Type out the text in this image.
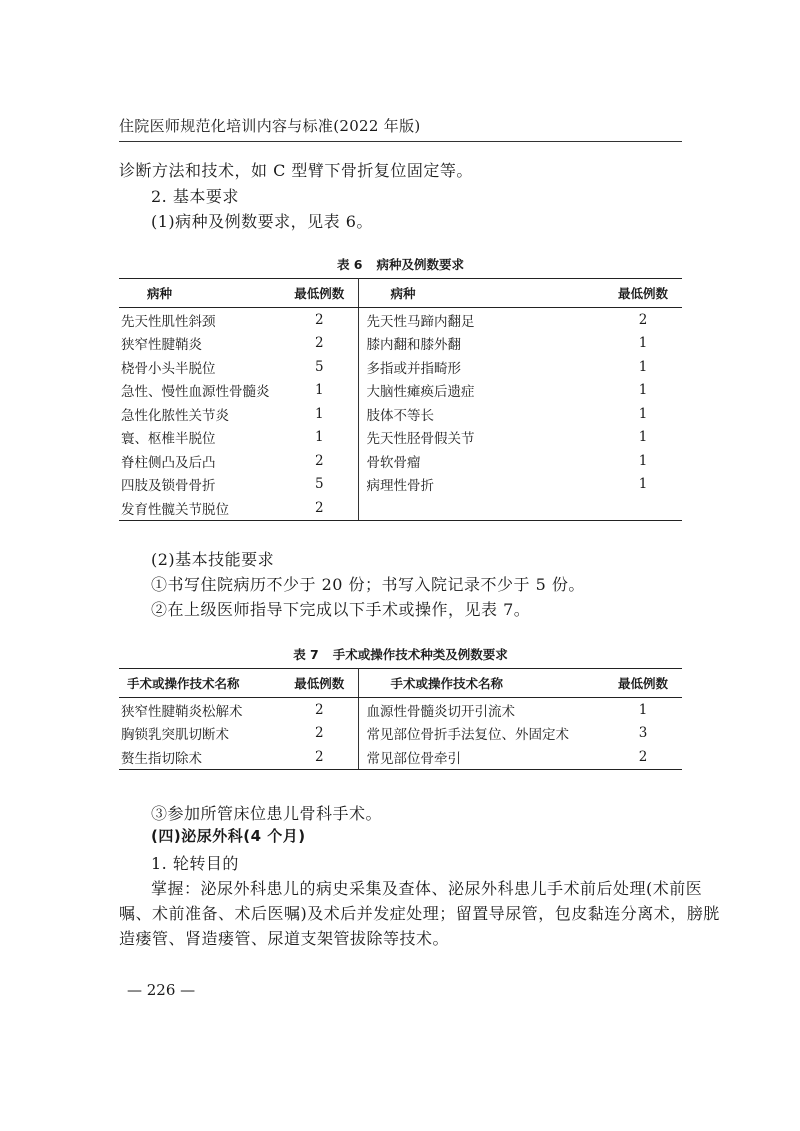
住院医师规范化培训内容与标准(2022 年版)
诊断方法和技术，如 C 型臂下骨折复位固定等。
2. 基本要求
(1)病种及例数要求，见表 6。
表 6 病种及例数要求
病种	最低例数	病种	最低例数
先天性肌性斜颈	2	先天性马蹄内翻足	2
狭窄性腱鞘炎	2	膝内翻和膝外翻	1
桡骨小头半脱位	5	多指或并指畸形	1
急性、慢性血源性骨髓炎	1	大脑性瘫痪后遗症	1
急性化脓性关节炎	1	肢体不等长	1
寰、枢椎半脱位	1	先天性胫骨假关节	1
脊柱侧凸及后凸	2	骨软骨瘤	1
四肢及锁骨骨折	5	病理性骨折	1
发育性髋关节脱位	2		
(2)基本技能要求
①书写住院病历不少于 20 份；书写入院记录不少于 5 份。
②在上级医师指导下完成以下手术或操作，见表 7。
表 7 手术或操作技术种类及例数要求
手术或操作技术名称	最低例数	手术或操作技术名称	最低例数
狭窄性腱鞘炎松解术	2	血源性骨髓炎切开引流术	1
胸锁乳突肌切断术	2	常见部位骨折手法复位、外固定术	3
赘生指切除术	2	常见部位骨牵引	2
③参加所管床位患儿骨科手术。
(四)泌尿外科(4 个月)
1. 轮转目的
掌握：泌尿外科患儿的病史采集及查体、泌尿外科患儿手术前后处理(术前医
嘱、术前准备、术后医嘱)及术后并发症处理；留置导尿管，包皮黏连分离术，膀胱
造瘘管、肾造瘘管、尿道支架管拔除等技术。
— 226 —
